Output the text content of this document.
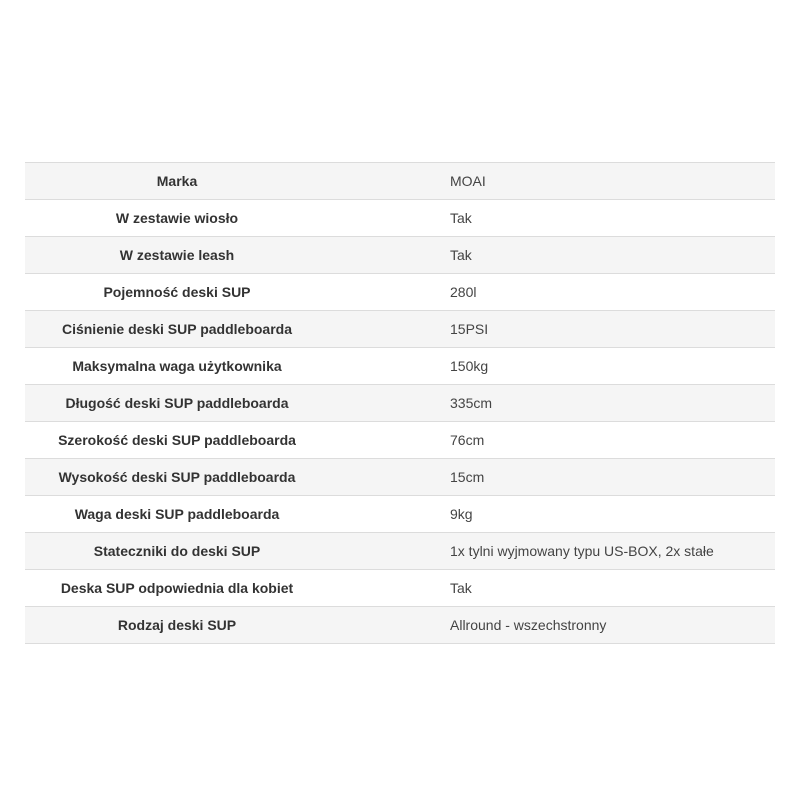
Marka	MOAI
W zestawie wiosło	Tak
W zestawie leash	Tak
Pojemność deski SUP	280l
Ciśnienie deski SUP paddleboarda	15PSI
Maksymalna waga użytkownika	150kg
Długość deski SUP paddleboarda	335cm
Szerokość deski SUP paddleboarda	76cm
Wysokość deski SUP paddleboarda	15cm
Waga deski SUP paddleboarda	9kg
Stateczniki do deski SUP	1x tylni wyjmowany typu US-BOX, 2x stałe
Deska SUP odpowiednia dla kobiet	Tak
Rodzaj deski SUP	Allround - wszechstronny
